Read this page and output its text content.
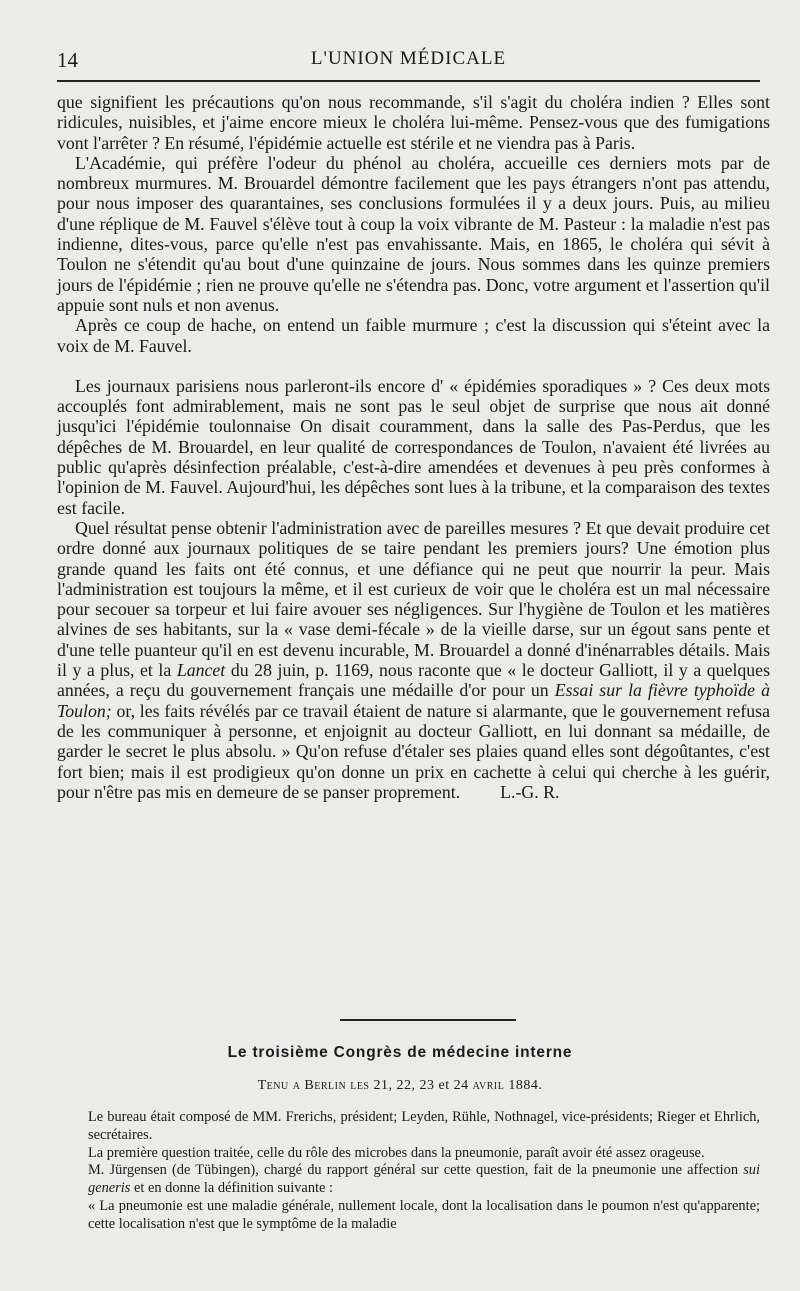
14	L'UNION MÉDICALE

que signifient les précautions qu'on nous recommande, s'il s'agit du choléra indien ? Elles sont ridicules, nuisibles, et j'aime encore mieux le choléra lui-même. Pensez-vous que des fumigations vont l'arrêter ? En résumé, l'épidémie actuelle est stérile et ne viendra pas à Paris.

L'Académie, qui préfère l'odeur du phénol au choléra, accueille ces derniers mots par de nombreux murmures. M. Brouardel démontre facilement que les pays étrangers n'ont pas attendu, pour nous imposer des quarantaines, ses conclusions formulées il y a deux jours. Puis, au milieu d'une réplique de M. Fauvel s'élève tout à coup la voix vibrante de M. Pasteur : la maladie n'est pas indienne, dites-vous, parce qu'elle n'est pas envahissante. Mais, en 1865, le choléra qui sévit à Toulon ne s'étendit qu'au bout d'une quinzaine de jours. Nous sommes dans les quinze premiers jours de l'épidémie ; rien ne prouve qu'elle ne s'étendra pas. Donc, votre argument et l'assertion qu'il appuie sont nuls et non avenus.

Après ce coup de hache, on entend un faible murmure ; c'est la discussion qui s'éteint avec la voix de M. Fauvel.

Les journaux parisiens nous parleront-ils encore d' « épidémies sporadiques » ? Ces deux mots accouplés font admirablement, mais ne sont pas le seul objet de surprise que nous ait donné jusqu'ici l'épidémie toulonnaise On disait couramment, dans la salle des Pas-Perdus, que les dépêches de M. Brouardel, en leur qualité de correspondances de Toulon, n'avaient été livrées au public qu'après désinfection préalable, c'est-à-dire amendées et devenues à peu près conformes à l'opinion de M. Fauvel. Aujourd'hui, les dépêches sont lues à la tribune, et la comparaison des textes est facile.

Quel résultat pense obtenir l'administration avec de pareilles mesures ? Et que devait produire cet ordre donné aux journaux politiques de se taire pendant les premiers jours? Une émotion plus grande quand les faits ont été connus, et une défiance qui ne peut que nourrir la peur. Mais l'administration est toujours la même, et il est curieux de voir que le choléra est un mal nécessaire pour secouer sa torpeur et lui faire avouer ses négligences. Sur l'hygiène de Toulon et les matières alvines de ses habitants, sur la « vase demi-fécale » de la vieille darse, sur un égout sans pente et d'une telle puanteur qu'il en est devenu incurable, M. Brouardel a donné d'inénarrables détails. Mais il y a plus, et la Lancet du 28 juin, p. 1169, nous raconte que « le docteur Galliott, il y a quelques années, a reçu du gouvernement français une médaille d'or pour un Essai sur la fièvre typhoïde à Toulon; or, les faits révélés par ce travail étaient de nature si alarmante, que le gouvernement refusa de les communiquer à personne, et enjoignit au docteur Galliott, en lui donnant sa médaille, de garder le secret le plus absolu. » Qu'on refuse d'étaler ses plaies quand elles sont dégoûtantes, c'est fort bien; mais il est prodigieux qu'on donne un prix en cachette à celui qui cherche à les guérir, pour n'être pas mis en demeure de se panser proprement. L.-G. R.

Le troisième Congrès de médecine interne

Tenu a Berlin les 21, 22, 23 et 24 avril 1884.

Le bureau était composé de MM. Frerichs, président; Leyden, Rühle, Nothnagel, vice-présidents; Rieger et Ehrlich, secrétaires.

La première question traitée, celle du rôle des microbes dans la pneumonie, paraît avoir été assez orageuse.

M. Jürgensen (de Tübingen), chargé du rapport général sur cette question, fait de la pneumonie une affection sui generis et en donne la définition suivante :

« La pneumonie est une maladie générale, nullement locale, dont la localisation dans le poumon n'est qu'apparente; cette localisation n'est que le symptôme de la maladie
